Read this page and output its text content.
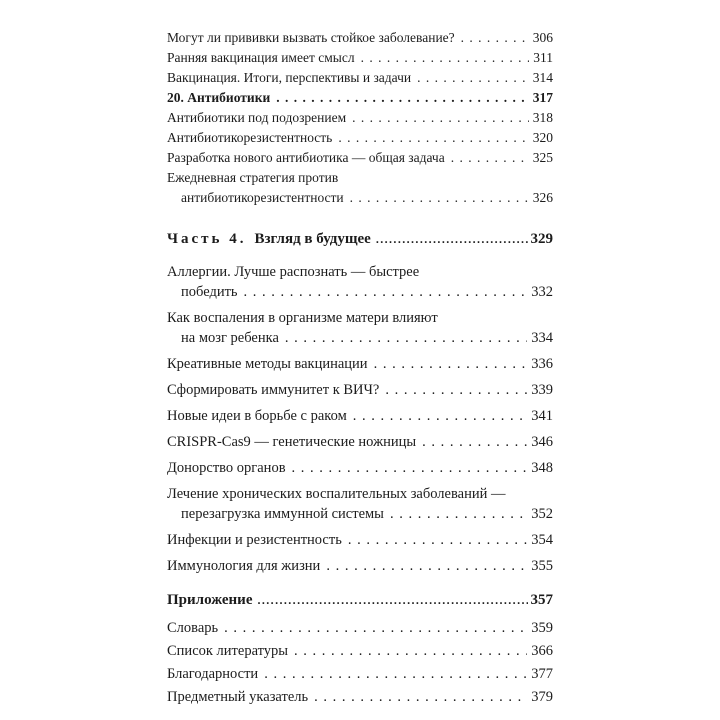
Могут ли прививки вызвать стойкое заболевание? . . .	306
Ранняя вакцинация имеет смысл . . .	311
Вакцинация. Итоги, перспективы и задачи . . .	314
20. Антибиотики . . .	317
Антибиотики под подозрением . . .	318
Антибиотикорезистентность . . .	320
Разработка нового антибиотика — общая задача . . .	325
Ежедневная стратегия против
антибиотикорезистентности . . .	326
Часть 4. Взгляд в будущее .....	329
Аллергии. Лучше распознать — быстрее
победить . . .	332
Как воспаления в организме матери влияют
на мозг ребенка . . .	334
Креативные методы вакцинации . . .	336
Сформировать иммунитет к ВИЧ? . . .	339
Новые идеи в борьбе с раком . . .	341
CRISPR-Cas9 — генетические ножницы . . .	346
Донорство органов . . .	348
Лечение хронических воспалительных заболеваний —
перезагрузка иммунной системы . . .	352
Инфекции и резистентность . . .	354
Иммунология для жизни . . .	355
Приложение .....	357
Словарь . . .	359
Список литературы . . .	366
Благодарности . . .	377
Предметный указатель . . .	379
